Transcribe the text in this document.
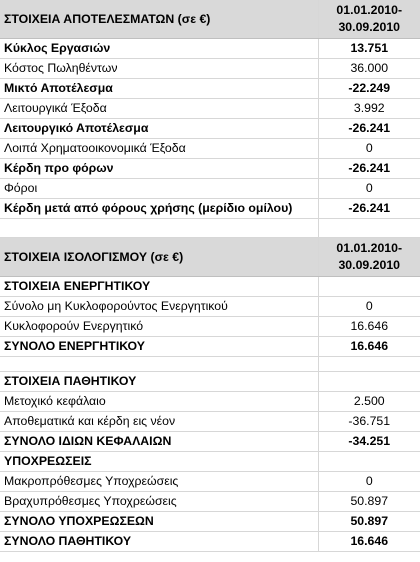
ΣΤΟΙΧΕΙΑ ΑΠΟΤΕΛΕΣΜΑΤΩΝ (σε €)	01.01.2010-
30.09.2010
Κύκλος Εργασιών	13.751
Κόστος Πωληθέντων	36.000
Μικτό Αποτέλεσμα	-22.249
Λειτουργικά Έξοδα	3.992
Λειτουργικό Αποτέλεσμα	-26.241
Λοιπά Χρηματοοικονομικά Έξοδα	0
Κέρδη προ φόρων	-26.241
Φόροι	0
Κέρδη μετά από φόρους χρήσης (μερίδιο ομίλου)	-26.241

ΣΤΟΙΧΕΙΑ ΙΣΟΛΟΓΙΣΜΟΥ (σε €)	01.01.2010-
30.09.2010
ΣΤΟΙΧΕΙΑ ΕΝΕΡΓΗΤΙΚΟΥ	
Σύνολο μη Κυκλοφορούντος Ενεργητικού	0
Κυκλοφορούν Ενεργητικό	16.646
ΣΥΝΟΛΟ ΕΝΕΡΓΗΤΙΚΟΥ	16.646

ΣΤΟΙΧΕΙΑ ΠΑΘΗΤΙΚΟΥ	
Μετοχικό κεφάλαιο	2.500
Αποθεματικά και κέρδη εις νέον	-36.751
ΣΥΝΟΛΟ ΙΔΙΩΝ ΚΕΦΑΛΑΙΩΝ	-34.251
ΥΠΟΧΡΕΩΣΕΙΣ	
Μακροπρόθεσμες Υποχρεώσεις	0
Βραχυπρόθεσμες Υποχρεώσεις	50.897
ΣΥΝΟΛΟ ΥΠΟΧΡΕΩΣΕΩΝ	50.897
ΣΥΝΟΛΟ ΠΑΘΗΤΙΚΟΥ	16.646
